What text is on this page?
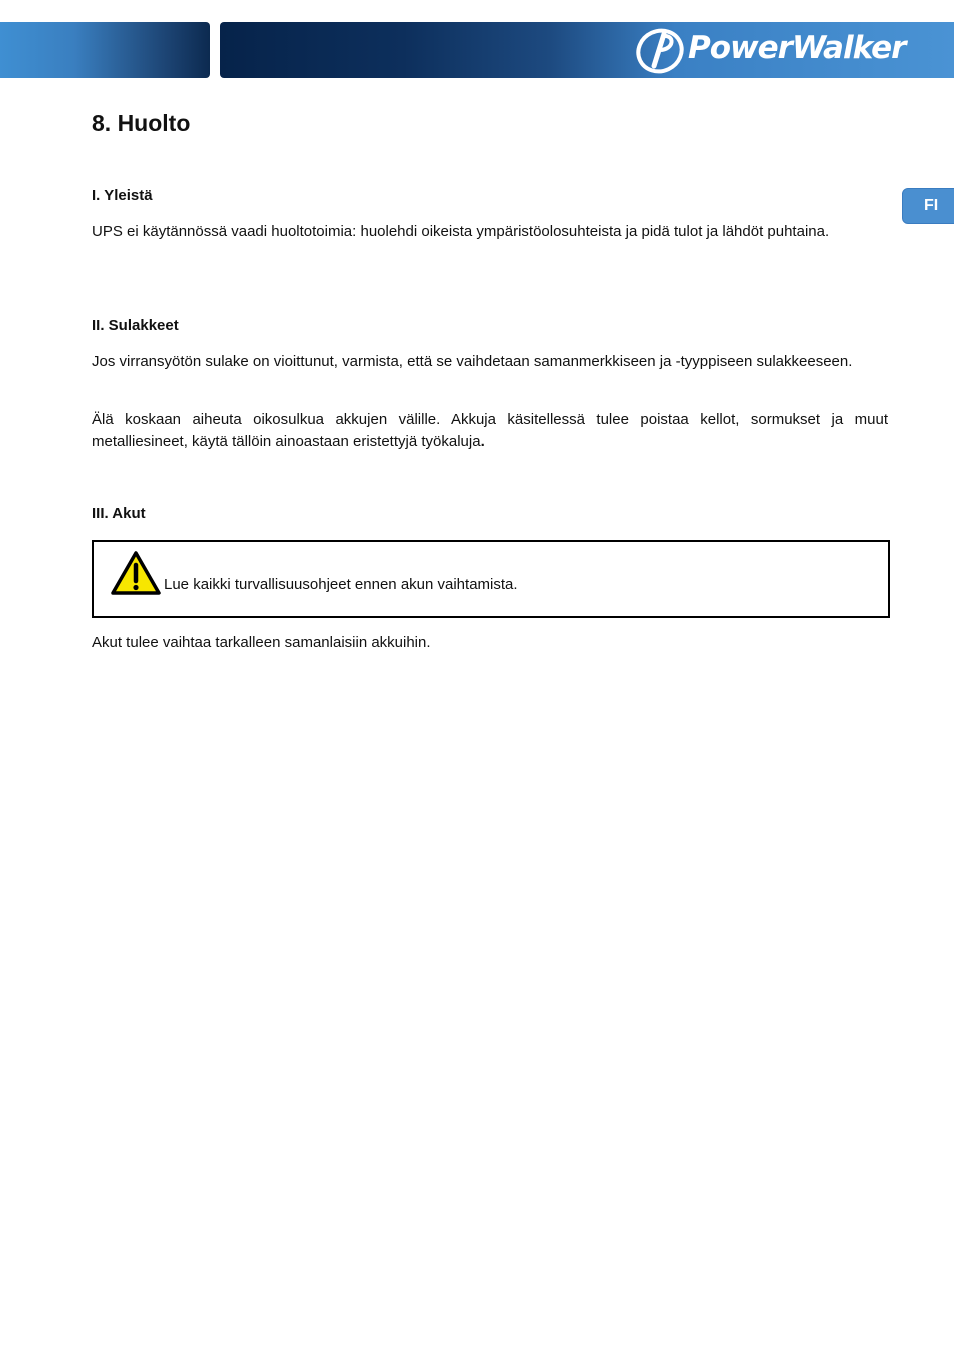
PowerWalker
FI
8. Huolto
I. Yleistä

UPS ei käytännössä vaadi huoltotoimia: huolehdi oikeista ympäristöolosuhteista ja pidä tulot ja lähdöt puhtaina.

II. Sulakkeet

Jos virransyötön sulake on vioittunut, varmista, että se vaihdetaan samanmerkkiseen ja -tyyppiseen sulakkeeseen.

Älä koskaan aiheuta oikosulkua akkujen välille. Akkuja käsitellessä tulee poistaa kellot, sormukset ja muut metalliesineet, käytä tällöin ainoastaan eristettyjä työkaluja.

III. Akut

Akut tulee vaihtaa tarkalleen samanlaisiin akkuihin.

Lue kaikki turvallisuusohjeet ennen akun vaihtamista.
